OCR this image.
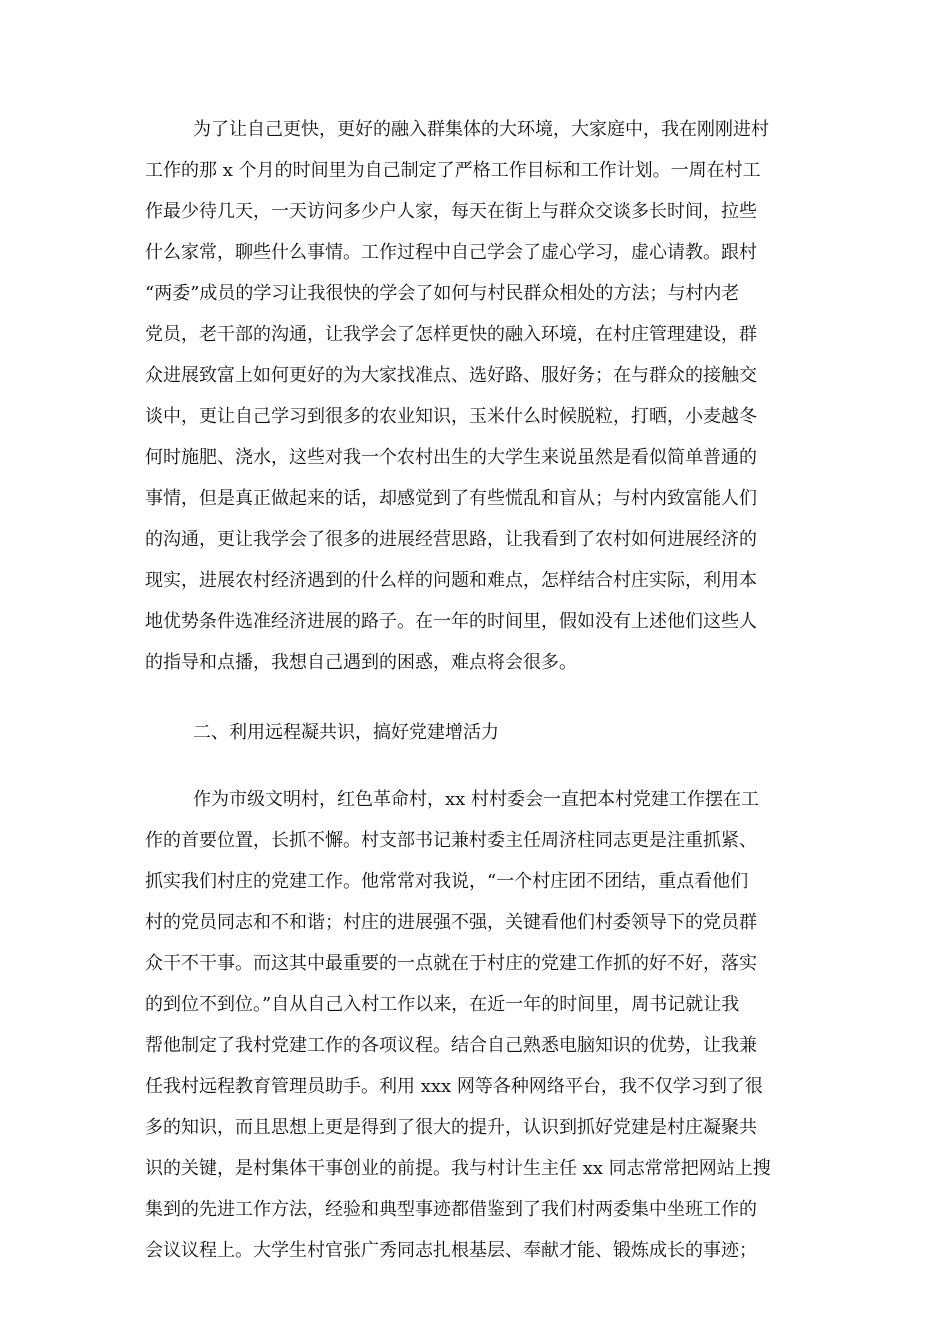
为了让自己更快，更好的融入群集体的大环境，大家庭中，我在刚刚进村

工作的那 x 个月的时间里为自己制定了严格工作目标和工作计划。一周在村工

作最少待几天，一天访问多少户人家，每天在街上与群众交谈多长时间，拉些

什么家常，聊些什么事情。工作过程中自己学会了虚心学习，虚心请教。跟村

“两委”成员的学习让我很快的学会了如何与村民群众相处的方法；与村内老

党员，老干部的沟通，让我学会了怎样更快的融入环境，在村庄管理建设，群

众进展致富上如何更好的为大家找准点、选好路、服好务；在与群众的接触交

谈中，更让自己学习到很多的农业知识，玉米什么时候脱粒，打晒，小麦越冬

何时施肥、浇水，这些对我一个农村出生的大学生来说虽然是看似简单普通的

事情，但是真正做起来的话，却感觉到了有些慌乱和盲从；与村内致富能人们

的沟通，更让我学会了很多的进展经营思路，让我看到了农村如何进展经济的

现实，进展农村经济遇到的什么样的问题和难点，怎样结合村庄实际，利用本

地优势条件选准经济进展的路子。在一年的时间里，假如没有上述他们这些人

的指导和点播，我想自己遇到的困惑，难点将会很多。

二、利用远程凝共识，搞好党建增活力

作为市级文明村，红色革命村，xx 村村委会一直把本村党建工作摆在工

作的首要位置，长抓不懈。村支部书记兼村委主任周济柱同志更是注重抓紧、

抓实我们村庄的党建工作。他常常对我说，“一个村庄团不团结，重点看他们

村的党员同志和不和谐；村庄的进展强不强，关键看他们村委领导下的党员群

众干不干事。而这其中最重要的一点就在于村庄的党建工作抓的好不好，落实

的到位不到位。”自从自己入村工作以来，在近一年的时间里，周书记就让我

帮他制定了我村党建工作的各项议程。结合自己熟悉电脑知识的优势，让我兼

任我村远程教育管理员助手。利用 xxx 网等各种网络平台，我不仅学习到了很

多的知识，而且思想上更是得到了很大的提升，认识到抓好党建是村庄凝聚共

识的关键，是村集体干事创业的前提。我与村计生主任 xx 同志常常把网站上搜

集到的先进工作方法，经验和典型事迹都借鉴到了我们村两委集中坐班工作的

会议议程上。大学生村官张广秀同志扎根基层、奉献才能、锻炼成长的事迹；
